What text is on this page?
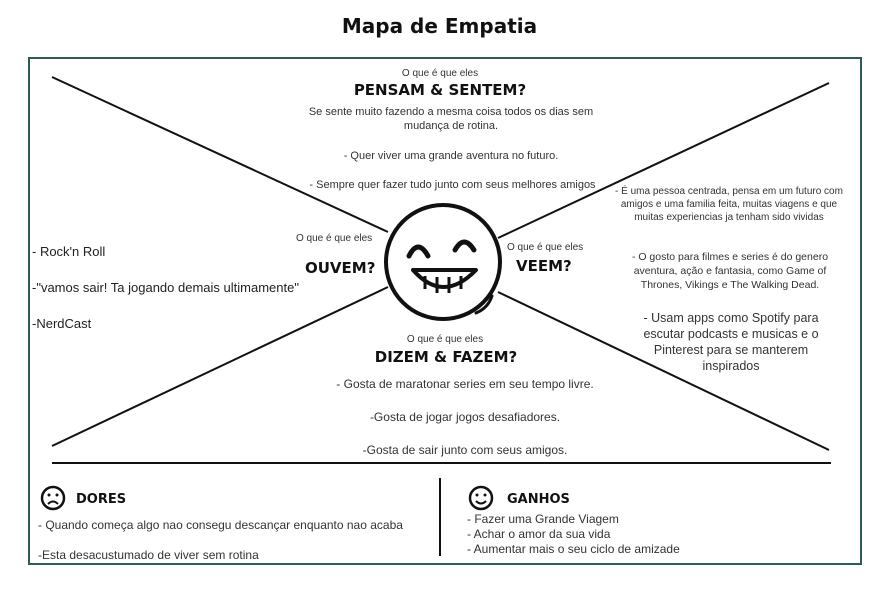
Mapa de Empatia
O que é que eles
PENSAM & SENTEM?
Se sente muito fazendo a mesma coisa todos os dias sem mudança de rotina.
- Quer viver uma grande aventura no futuro.
- Sempre quer fazer tudo junto com seus melhores amigos
O que é que eles
OUVEM?
- Rock'n Roll
-"vamos sair! Ta jogando demais ultimamente"
-NerdCast
O que é que eles
VEEM?
- É uma pessoa centrada, pensa em um futuro com amigos e uma familia feita, muitas viagens e que muitas experiencias ja tenham sido vividas
- O gosto para filmes e series é do genero aventura, ação e fantasia, como Game of Thrones, Vikings e The Walking Dead.
- Usam apps como Spotify para escutar podcasts e musicas e o Pinterest para se manterem inspirados
O que é que eles
DIZEM & FAZEM?
- Gosta de maratonar series em seu tempo livre.
-Gosta de jogar jogos desafiadores.
-Gosta de sair junto com seus amigos.
DORES
- Quando começa algo nao consegu descançar enquanto nao acaba
-Esta desacustumado de viver sem rotina
GANHOS
- Fazer uma Grande Viagem
- Achar o amor da sua vida
- Aumentar mais o seu ciclo de amizade
